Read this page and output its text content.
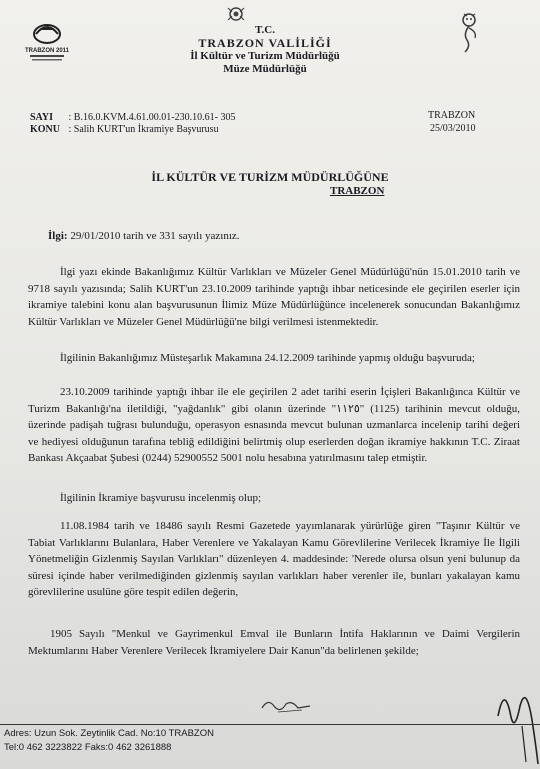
TRABZON 2011
T.C.
TRABZON VALİLİĞİ
İl Kültür ve Turizm Müdürlüğü
Müze Müdürlüğü
SAYI : B.16.0.KVM.4.61.00.01-230.10.61- 305
KONU : Salih KURT'un İkramiye Başvurusu
TRABZON
25/03/2010
İL KÜLTÜR VE TURİZM MÜDÜRLÜĞÜNE
TRABZON
İlgi: 29/01/2010 tarih ve 331 sayılı yazınız.
İlgi yazı ekinde Bakanlığımız Kültür Varlıkları ve Müzeler Genel Müdürlüğü'nün 15.01.2010 tarih ve 9718 sayılı yazısında; Salih KURT'un 23.10.2009 tarihinde yaptığı ihbar neticesinde ele geçirilen eserler için ikramiye talebini konu alan başvurusunun İlimiz Müze Müdürlüğünce incelenerek sonucundan Bakanlığımız Kültür Varlıkları ve Müzeler Genel Müdürlüğü'ne bilgi verilmesi istenmektedir.
İlgilinin Bakanlığımız Müsteşarlık Makamına 24.12.2009 tarihinde yapmış olduğu başvuruda;
23.10.2009 tarihinde yaptığı ihbar ile ele geçirilen 2 adet tarihi eserin İçişleri Bakanlığınca Kültür ve Turizm Bakanlığı'na iletildiği, "yağdanlık" gibi olanın üzerinde "١١٢٥" (1125) tarihinin mevcut olduğu, üzerinde padişah tuğrası bulunduğu, operasyon esnasında mevcut bulunan uzmanlarca incelenip tarihi değeri ve hediyesi olduğunun tarafına tebliğ edildiğini belirtmiş olup eserlerden doğan ikramiye hakkının T.C. Ziraat Bankası Akçaabat Şubesi (0244) 52900552 5001 nolu hesabına yatırılmasını talep etmiştir.
İlgilinin İkramiye başvurusu incelenmiş olup;
11.08.1984 tarih ve 18486 sayılı Resmi Gazetede yayımlanarak yürürlüğe giren "Taşınır Kültür ve Tabiat Varlıklarını Bulanlara, Haber Verenlere ve Yakalayan Kamu Görevlilerine Verilecek İkramiye İle İlgili Yönetmeliğin Gizlenmiş Sayılan Varlıkları" düzenleyen 4. maddesinde: 'Nerede olursa olsun yeni bulunup da süresi içinde haber verilmediğinden gizlenmiş sayılan varlıkları haber verenler ile, bunları yakalayan kamu görevlilerine usulüne göre tespit edilen değerin,
1905 Sayılı "Menkul ve Gayrimenkul Emval ile Bunların İntifa Haklarının ve Daimi Vergilerin Mektumlarını Haber Verenlere Verilecek İkramiyelere Dair Kanun"da belirlenen şekilde;
Adres: Uzun Sok. Zeytinlik Cad. No:10 TRABZON
Tel:0 462 3223822 Faks:0 462 3261888
